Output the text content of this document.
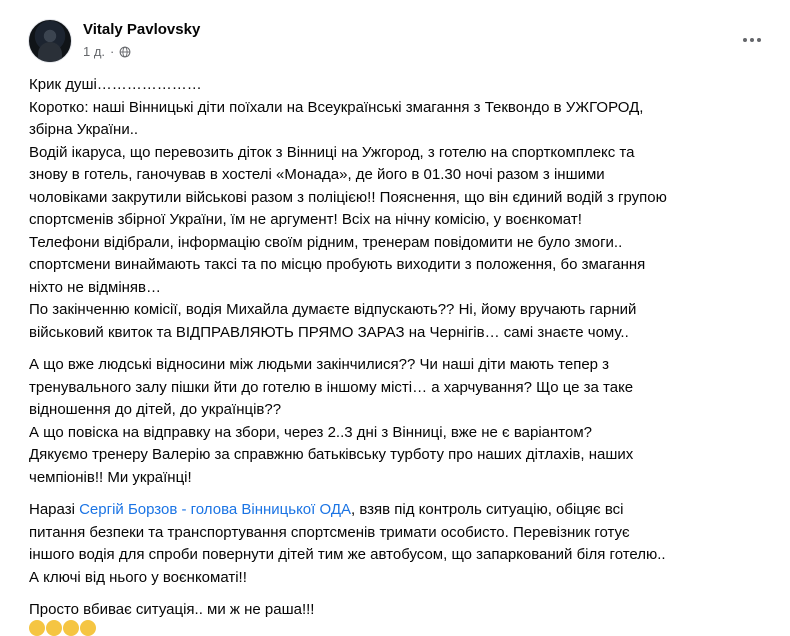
Vitaly Pavlovsky
1 д. ·
Крик душі…………………
Коротко: наші Вінницькі діти поїхали на Всеукраїнські змагання з Теквондо в УЖГОРОД,
збірна України..
Водій ікаруса, що перевозить діток з Вінниці на Ужгород, з готелю на спорткомплекс та
знову в готель, ганочував в хостелі «Монада», де його в 01.30 ночі разом з іншими
чоловіками закрутили військові разом з поліцією!! Пояснення, що він єдиний водій з групою
спортсменів збірної України, їм не аргумент! Всіх на нічну комісію, у воєнкомат!
Телефони відібрали, інформацію своїм рідним, тренерам повідомити не було змоги..
спортсмени винаймають таксі та по місцю пробують виходити з положення, бо змагання
ніхто не відміняв…
По закінченню комісії, водія Михайла думаєте відпускають?? Ні, йому вручають гарний
військовий квиток та ВІДПРАВЛЯЮТЬ ПРЯМО ЗАРАЗ на Чернігів… самі знаєте чому..
А що вже людські відносини між людьми закінчилися?? Чи наші діти мають тепер з
тренувального залу пішки йти до готелю в іншому місті… а харчування? Що це за таке
відношення до дітей, до українців??
А що повіска на відправку на збори, через 2..3 дні з Вінниці, вже не є варіантом?
Дякуємо тренеру Валерію за справжню батьківську турботу про наших дітлахів, наших
чемпіонів!! Ми українці!
Наразі Сергій Борзов - голова Вінницької ОДА, взяв під контроль ситуацію, обіцяє всі
питання безпеки та транспортування спортсменів тримати особисто. Перевізник готує
іншого водія для спроби повернути дітей тим же автобусом, що запаркований біля готелю..
А ключі від нього у воєнкоматі!!
Просто вбиває ситуація.. ми ж не раша!!!
